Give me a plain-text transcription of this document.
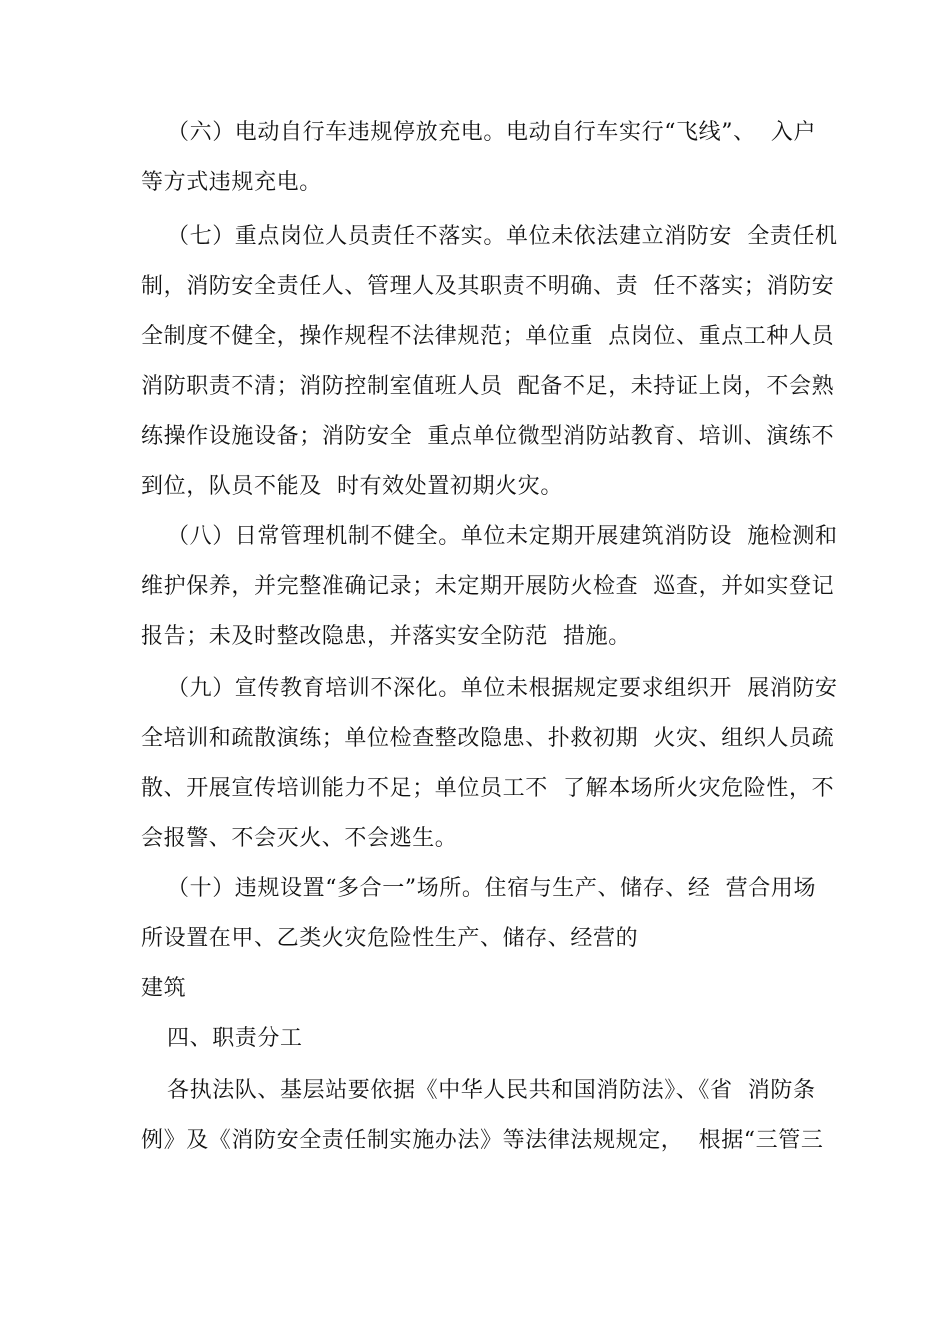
（六）电动自行车违规停放充电。电动自行车实行“飞线”、  入户
等方式违规充电。
（七）重点岗位人员责任不落实。单位未依法建立消防安  全责任机
制，消防安全责任人、管理人及其职责不明确、责  任不落实；消防安
全制度不健全，操作规程不法律规范；单位重  点岗位、重点工种人员
消防职责不清；消防控制室值班人员  配备不足，未持证上岗，不会熟
练操作设施设备；消防安全  重点单位微型消防站教育、培训、演练不
到位，队员不能及  时有效处置初期火灾。
（八）日常管理机制不健全。单位未定期开展建筑消防设  施检测和
维护保养，并完整准确记录；未定期开展防火检查  巡查，并如实登记
报告；未及时整改隐患，并落实安全防范  措施。
（九）宣传教育培训不深化。单位未根据规定要求组织开  展消防安
全培训和疏散演练；单位检查整改隐患、扑救初期  火灾、组织人员疏
散、开展宣传培训能力不足；单位员工不  了解本场所火灾危险性，不
会报警、不会灭火、不会逃生。
（十）违规设置“多合一”场所。住宿与生产、储存、经  营合用场
所设置在甲、乙类火灾危险性生产、储存、经营的
建筑
四、职责分工
各执法队、基层站要依据《中华人民共和国消防法》、《省  消防条
例》及《消防安全责任制实施办法》等法律法规规定，  根据“三管三
